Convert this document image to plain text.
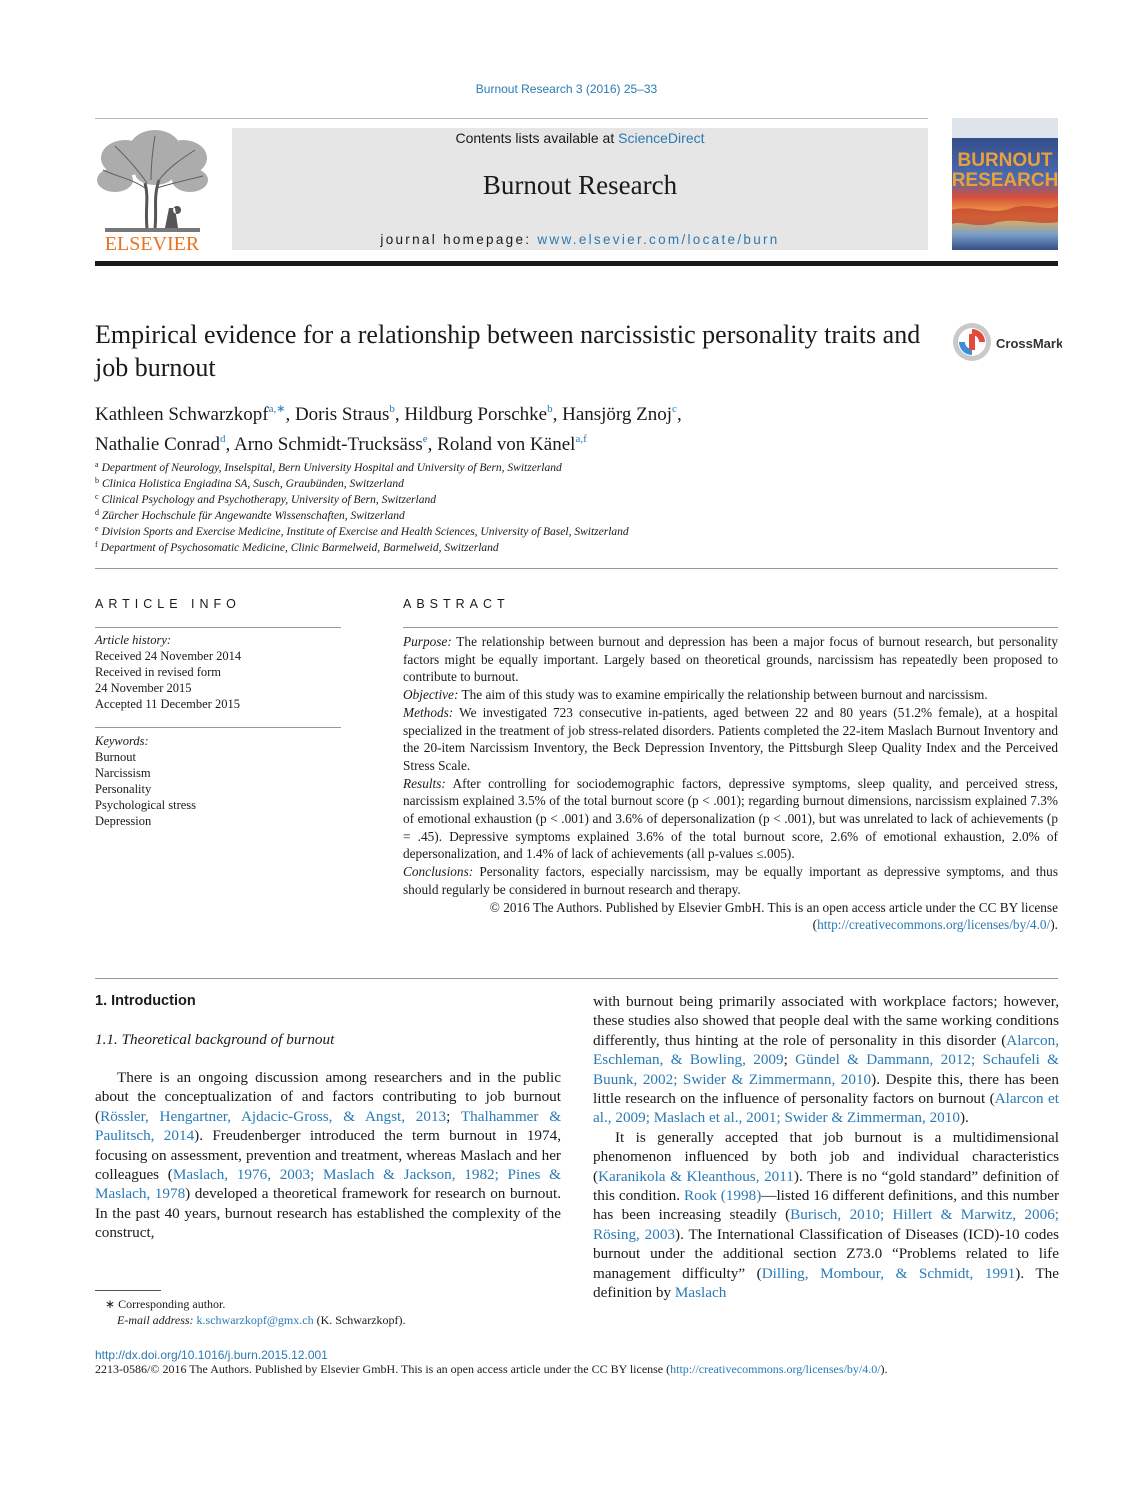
Burnout Research 3 (2016) 25–33
ELSEVIER
Contents lists available at ScienceDirect
Burnout Research
journal homepage: www.elsevier.com/locate/burn
BURNOUT
RESEARCH
Empirical evidence for a relationship between narcissistic personality traits and job burnout
CrossMark
Kathleen Schwarzkopf$^{a,∗}$, Doris Straus$^b$, Hildburg Porschke$^b$, Hansjörg Znoj$^c$,
Nathalie Conrad$^d$, Arno Schmidt-Trucksäss$^e$, Roland von Känel$^{a,f}$
$^a$ Department of Neurology, Inselspital, Bern University Hospital and University of Bern, Switzerland
$^b$ Clinica Holistica Engiadina SA, Susch, Graubünden, Switzerland
$^c$ Clinical Psychology and Psychotherapy, University of Bern, Switzerland
$^d$ Zürcher Hochschule für Angewandte Wissenschaften, Switzerland
$^e$ Division Sports and Exercise Medicine, Institute of Exercise and Health Sciences, University of Basel, Switzerland
$^f$ Department of Psychosomatic Medicine, Clinic Barmelweid, Barmelweid, Switzerland
ARTICLE INFO	ABSTRACT
Article history:
Received 24 November 2014
Received in revised form
24 November 2015
Accepted 11 December 2015
Keywords:
Burnout
Narcissism
Personality
Psychological stress
Depression

Purpose: The relationship between burnout and depression has been a major focus of burnout research, but personality factors might be equally important. Largely based on theoretical grounds, narcissism has repeatedly been proposed to contribute to burnout.

Objective: The aim of this study was to examine empirically the relationship between burnout and narcissism.

Methods: We investigated 723 consecutive in-patients, aged between 22 and 80 years (51.2% female), at a hospital specialized in the treatment of job stress-related disorders. Patients completed the 22-item Maslach Burnout Inventory and the 20-item Narcissism Inventory, the Beck Depression Inventory, the Pittsburgh Sleep Quality Index and the Perceived Stress Scale.

Results: After controlling for sociodemographic factors, depressive symptoms, sleep quality, and perceived stress, narcissism explained 3.5% of the total burnout score (p < .001); regarding burnout dimensions, narcissism explained 7.3% of emotional exhaustion (p < .001) and 3.6% of depersonalization (p < .001), but was unrelated to lack of achievements (p = .45). Depressive symptoms explained 3.6% of the total burnout score, 2.6% of emotional exhaustion, 2.0% of depersonalization, and 1.4% of lack of achievements (all p-values ≤.005).

Conclusions: Personality factors, especially narcissism, may be equally important as depressive symptoms, and thus should regularly be considered in burnout research and therapy.

© 2016 The Authors. Published by Elsevier GmbH. This is an open access article under the CC BY license (http://creativecommons.org/licenses/by/4.0/).

1. Introduction
1.1. Theoretical background of burnout

There is an ongoing discussion among researchers and in the public about the conceptualization of and factors contributing to job burnout (Rössler, Hengartner, Ajdacic-Gross, & Angst, 2013; Thalhammer & Paulitsch, 2014). Freudenberger introduced the term burnout in 1974, focusing on assessment, prevention and treatment, whereas Maslach and her colleagues (Maslach, 1976, 2003; Maslach & Jackson, 1982; Pines & Maslach, 1978) developed a theoretical framework for research on burnout. In the past 40 years, burnout research has established the complexity of the construct,

with burnout being primarily associated with workplace factors; however, these studies also showed that people deal with the same working conditions differently, thus hinting at the role of personality in this disorder (Alarcon, Eschleman, & Bowling, 2009; Gündel & Dammann, 2012; Schaufeli & Buunk, 2002; Swider & Zimmermann, 2010). Despite this, there has been little research on the influence of personality factors on burnout (Alarcon et al., 2009; Maslach et al., 2001; Swider & Zimmerman, 2010).

It is generally accepted that job burnout is a multidimensional phenomenon influenced by both job and individual characteristics (Karanikola & Kleanthous, 2011). There is no “gold standard” definition of this condition. Rook (1998)—listed 16 different definitions, and this number has been increasing steadily (Burisch, 2010; Hillert & Marwitz, 2006; Rösing, 2003). The International Classification of Diseases (ICD)-10 codes burnout under the additional section Z73.0 “Problems related to life management difficulty” (Dilling, Mombour, & Schmidt, 1991). The definition by Maslach

∗ Corresponding author.
E-mail address: k.schwarzkopf@gmx.ch (K. Schwarzkopf).
http://dx.doi.org/10.1016/j.burn.2015.12.001
2213-0586/© 2016 The Authors. Published by Elsevier GmbH. This is an open access article under the CC BY license (http://creativecommons.org/licenses/by/4.0/).
